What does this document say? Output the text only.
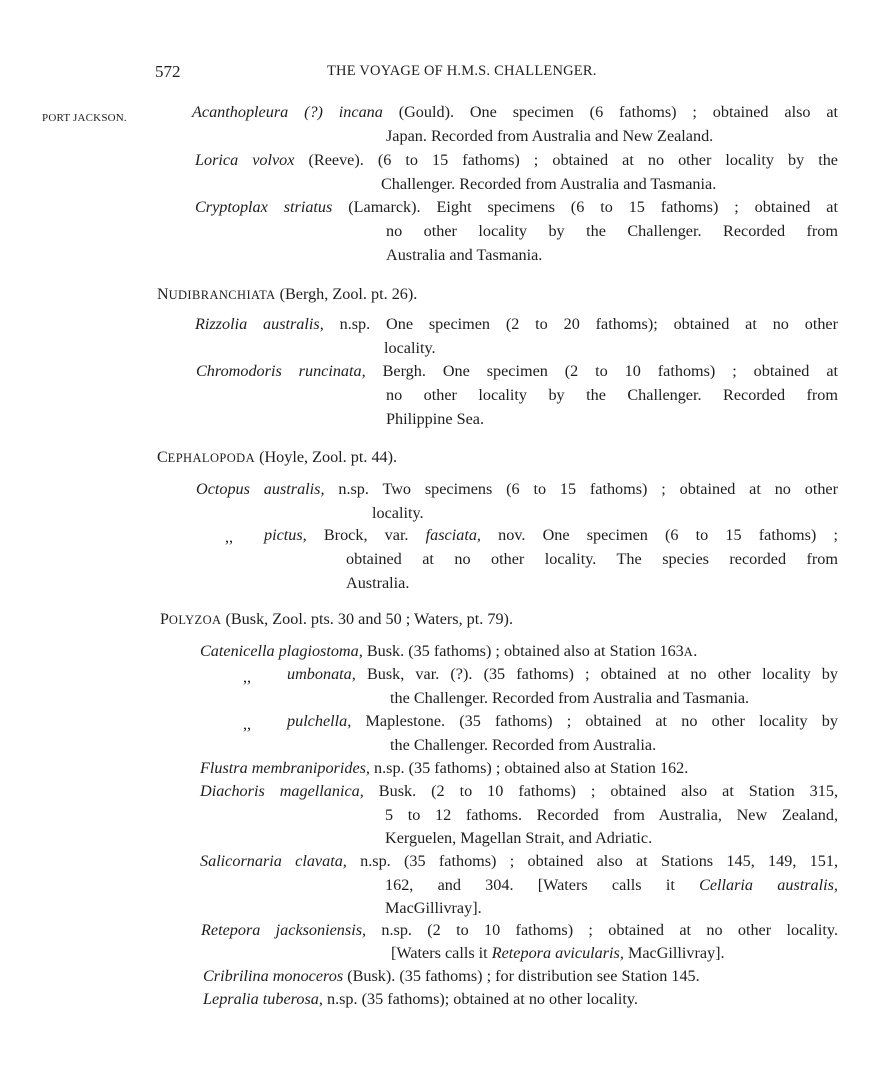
572	THE VOYAGE OF H.M.S. CHALLENGER.
PORT JACKSON.	Acanthopleura (?) incana (Gould). One specimen (6 fathoms) ; obtained also at
Japan. Recorded from Australia and New Zealand.
Lorica volvox (Reeve). (6 to 15 fathoms) ; obtained at no other locality by the
Challenger. Recorded from Australia and Tasmania.
Cryptoplax striatus (Lamarck). Eight specimens (6 to 15 fathoms) ; obtained at
no other locality by the Challenger. Recorded from
Australia and Tasmania.
NUDIBRANCHIATA (Bergh, Zool. pt. 26).
Rizzolia australis, n.sp. One specimen (2 to 20 fathoms); obtained at no other
locality.
Chromodoris runcinata, Bergh. One specimen (2 to 10 fathoms) ; obtained at
no other locality by the Challenger. Recorded from
Philippine Sea.
CEPHALOPODA (Hoyle, Zool. pt. 44).
Octopus australis, n.sp. Two specimens (6 to 15 fathoms) ; obtained at no other
locality.
,, pictus, Brock, var. fasciata, nov. One specimen (6 to 15 fathoms) ;
obtained at no other locality. The species recorded from
Australia.
POLYZOA (Busk, Zool. pts. 30 and 50 ; Waters, pt. 79).
Catenicella plagiostoma, Busk. (35 fathoms) ; obtained also at Station 163A.
,, umbonata, Busk, var. (?). (35 fathoms) ; obtained at no other locality by
the Challenger. Recorded from Australia and Tasmania.
,, pulchella, Maplestone. (35 fathoms) ; obtained at no other locality by
the Challenger. Recorded from Australia.
Flustra membraniporides, n.sp. (35 fathoms) ; obtained also at Station 162.
Diachoris magellanica, Busk. (2 to 10 fathoms) ; obtained also at Station 315,
5 to 12 fathoms. Recorded from Australia, New Zealand,
Kerguelen, Magellan Strait, and Adriatic.
Salicornaria clavata, n.sp. (35 fathoms) ; obtained also at Stations 145, 149, 151,
162, and 304. [Waters calls it Cellaria australis,
MacGillivray].
Retepora jacksoniensis, n.sp. (2 to 10 fathoms) ; obtained at no other locality.
[Waters calls it Retepora avicularis, MacGillivray].
Cribrilina monoceros (Busk). (35 fathoms) ; for distribution see Station 145.
Lepralia tuberosa, n.sp. (35 fathoms); obtained at no other locality.
